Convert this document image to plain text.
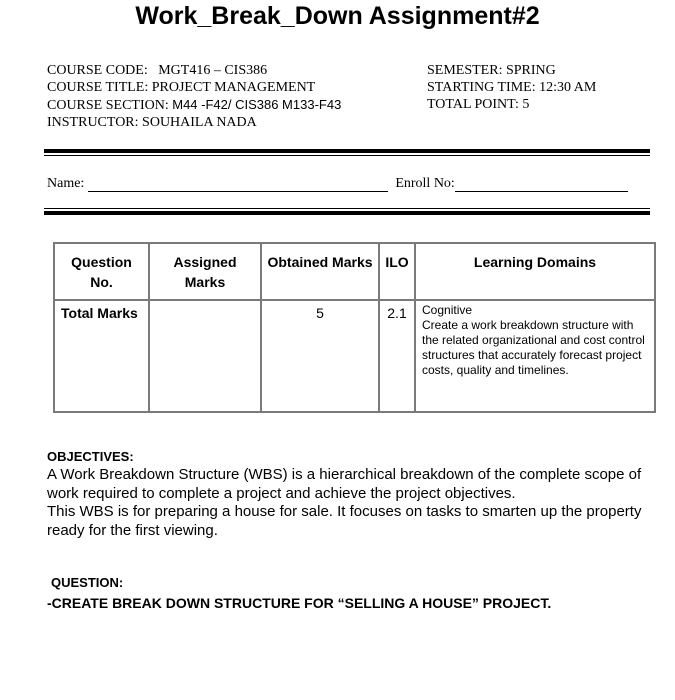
Work_Break_Down Assignment#2
COURSE CODE: MGT416 – CIS386
COURSE TITLE: PROJECT MANAGEMENT
COURSE SECTION: M44 -F42/ CIS386 M133-F43
INSTRUCTOR: SOUHAILA NADA
SEMESTER: SPRING
STARTING TIME: 12:30 AM
TOTAL POINT: 5
Name:	Enroll No:
Question No.	Assigned Marks	Obtained Marks	ILO	Learning Domains
Total Marks		5	2.1	Cognitive
Create a work breakdown structure with the related organizational and cost control structures that accurately forecast project costs, quality and timelines.
OBJECTIVES:
A Work Breakdown Structure (WBS) is a hierarchical breakdown of the complete scope of
work required to complete a project and achieve the project objectives.
This WBS is for preparing a house for sale. It focuses on tasks to smarten up the property
ready for the first viewing.
QUESTION:
-CREATE BREAK DOWN STRUCTURE FOR “SELLING A HOUSE” PROJECT.
